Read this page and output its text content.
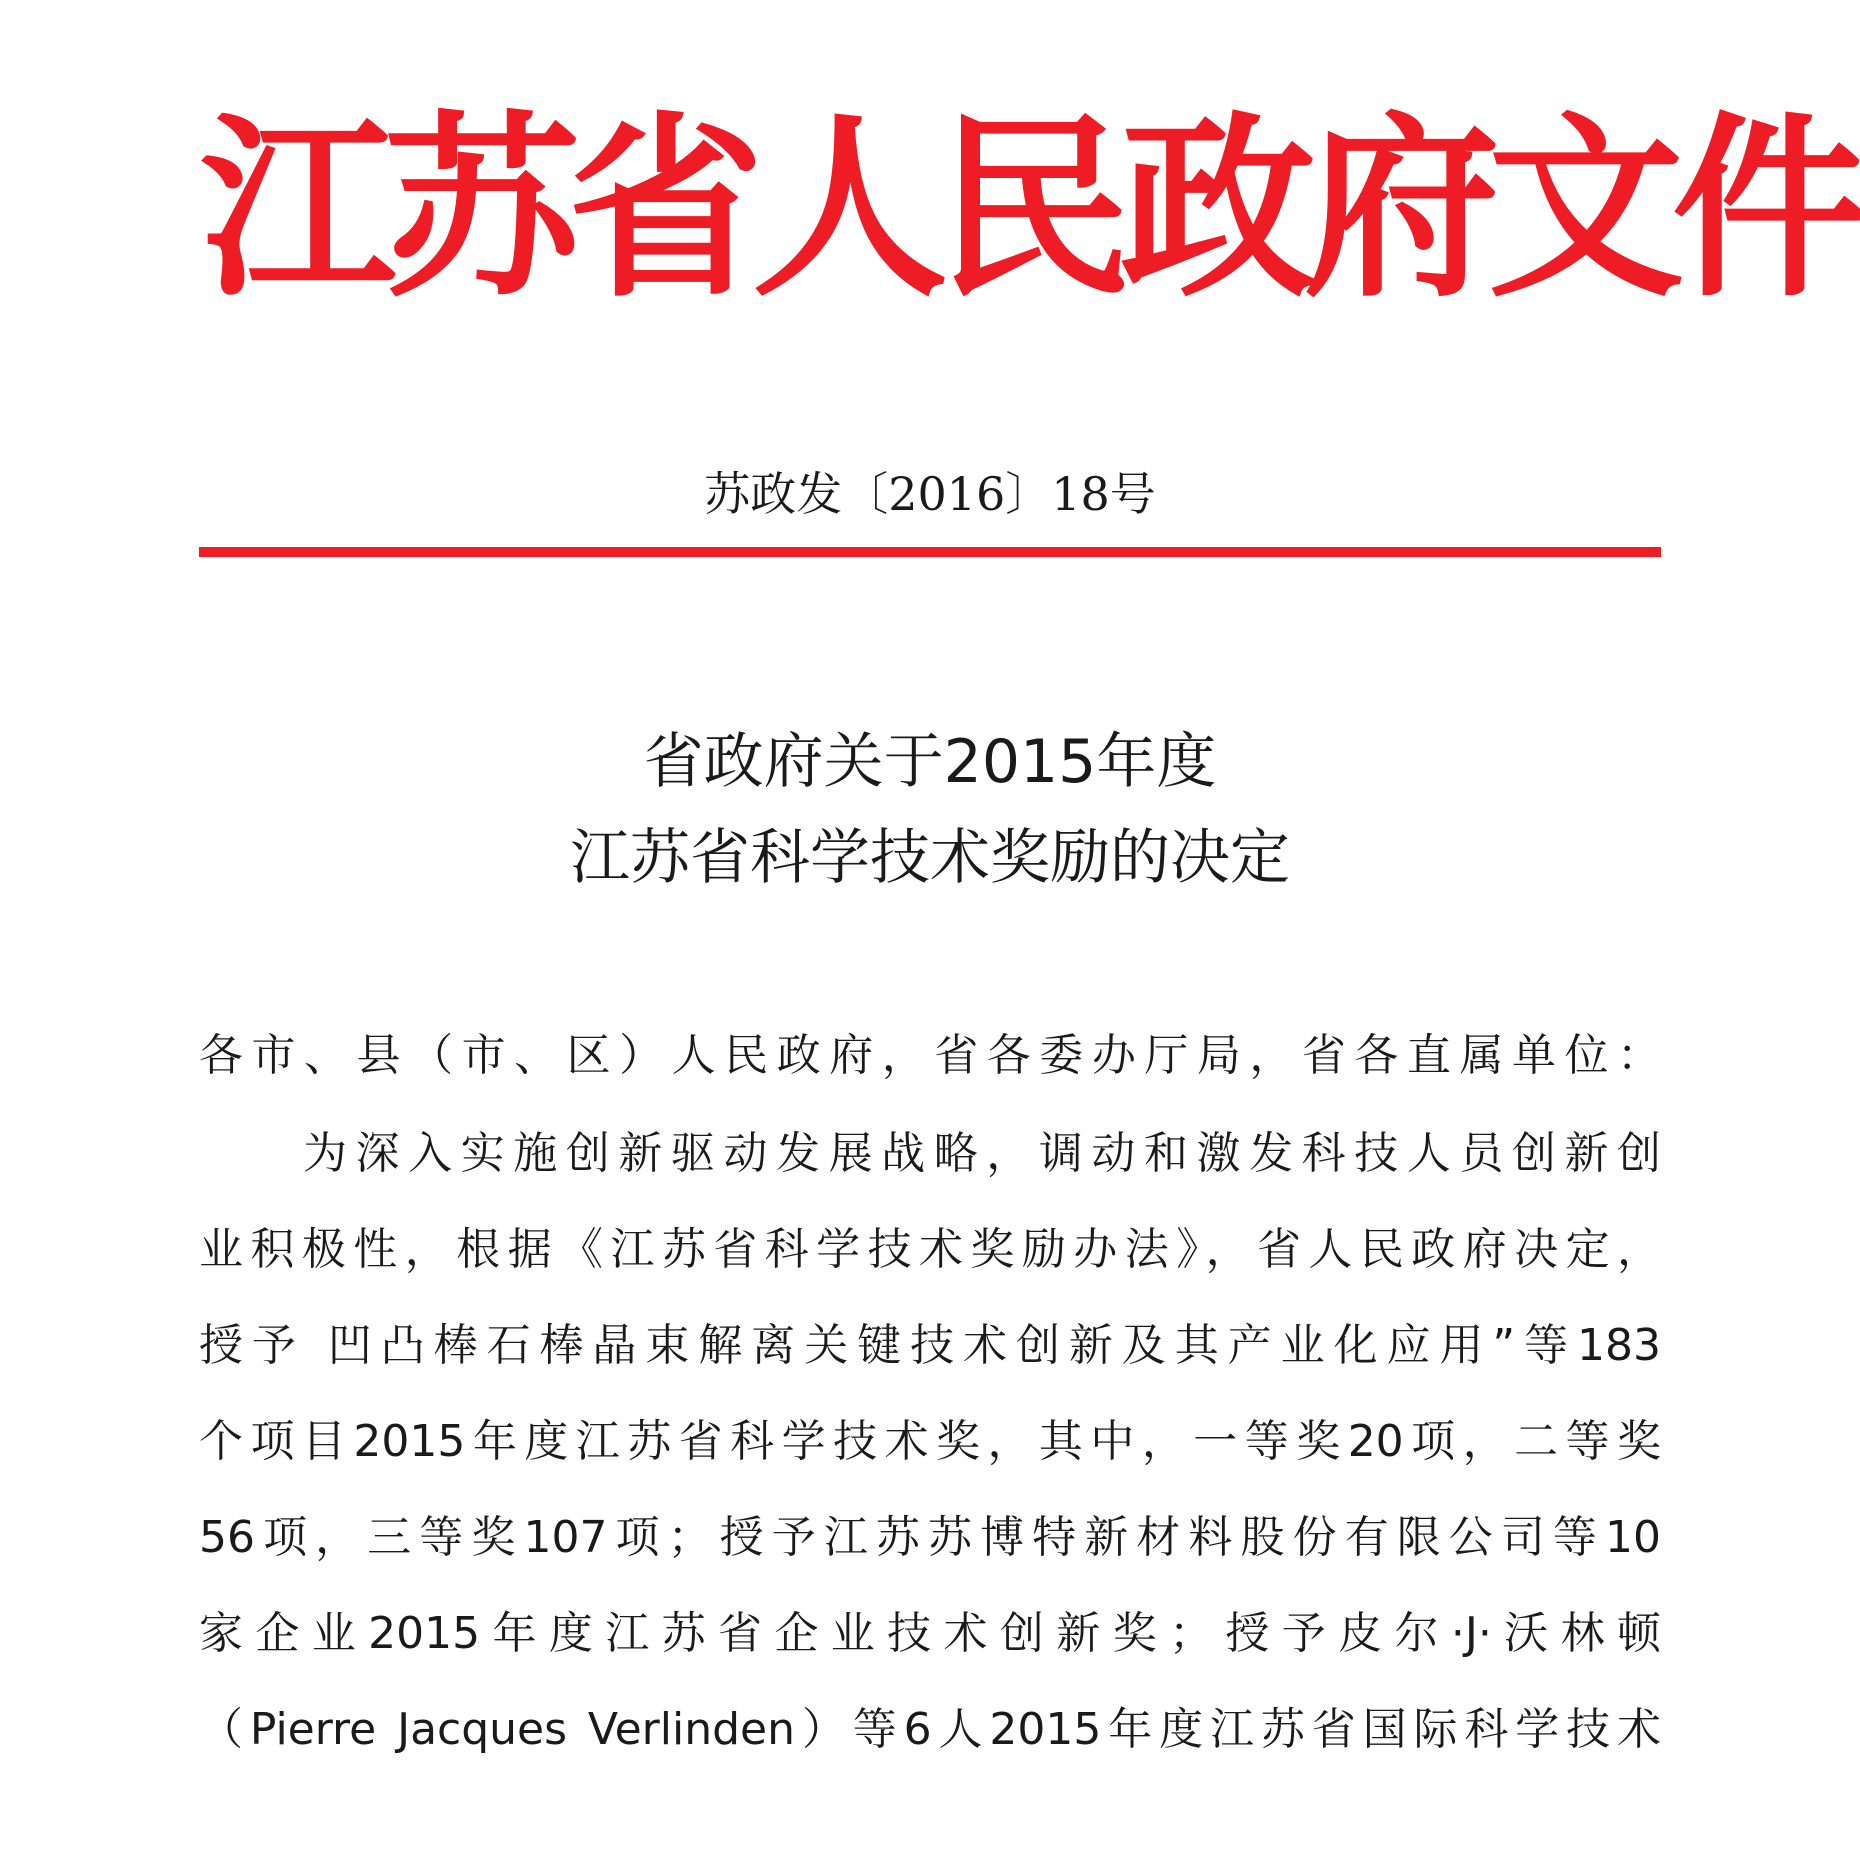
江苏省人民政府文件
苏政发〔2016〕18号
省政府关于2015年度
江苏省科学技术奖励的决定
各市、县（市、区）人民政府，省各委办厅局，省各直属单位：
为深入实施创新驱动发展战略，调动和激发科技人员创新创
业积极性，根据《江苏省科学技术奖励办法》，省人民政府决定，
授予 凹凸棒石棒晶束解离关键技术创新及其产业化应用”等183
个项目2015年度江苏省科学技术奖，其中，一等奖20项，二等奖
56项，三等奖107项；授予江苏苏博特新材料股份有限公司等10
家企业2015年度江苏省企业技术创新奖；授予皮尔·J·沃林顿
（Pierre Jacques Verlinden）等6人2015年度江苏省国际科学技术
